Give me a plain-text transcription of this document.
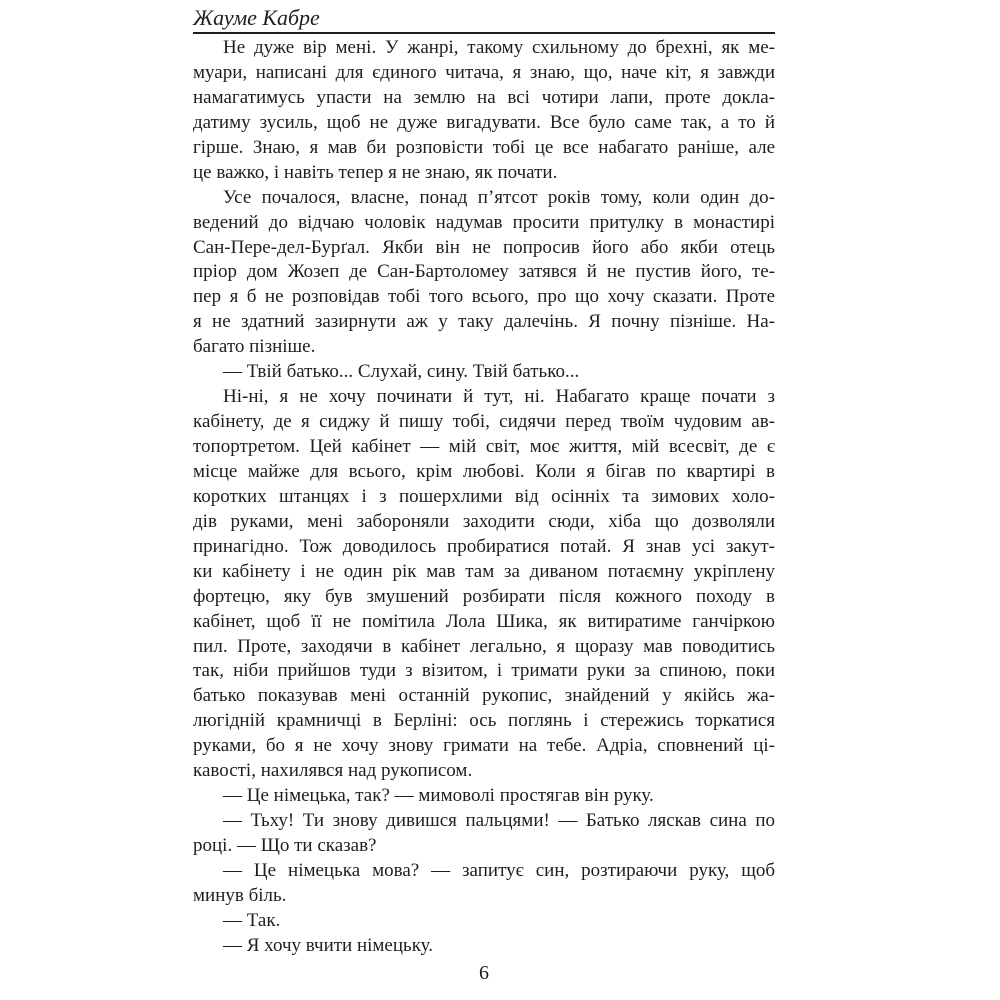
Жауме Кабре
Не дуже вір мені. У жанрі, такому схильному до брехні, як ме-
муари, написані для єдиного читача, я знаю, що, наче кіт, я завжди
намагатимусь упасти на землю на всі чотири лапи, проте докла-
датиму зусиль, щоб не дуже вигадувати. Все було саме так, а то й
гірше. Знаю, я мав би розповісти тобі це все набагато раніше, але
це важко, і навіть тепер я не знаю, як почати.
Усе почалося, власне, понад п’ятсот років тому, коли один до-
ведений до відчаю чоловік надумав просити притулку в монастирі
Сан-Пере-дел-Бурґал. Якби він не попросив його або якби отець
пріор дом Жозеп де Сан-Бартоломеу затявся й не пустив його, те-
пер я б не розповідав тобі того всього, про що хочу сказати. Проте
я не здатний зазирнути аж у таку далечінь. Я почну пізніше. На-
багато пізніше.
— Твій батько... Слухай, сину. Твій батько...
Ні-ні, я не хочу починати й тут, ні. Набагато краще почати з
кабінету, де я сиджу й пишу тобі, сидячи перед твоїм чудовим ав-
топортретом. Цей кабінет — мій світ, моє життя, мій всесвіт, де є
місце майже для всього, крім любові. Коли я бігав по квартирі в
коротких штанцях і з пошерхлими від осінніх та зимових холо-
дів руками, мені забороняли заходити сюди, хіба що дозволяли
принагідно. Тож доводилось пробиратися потай. Я знав усі закут-
ки кабінету і не один рік мав там за диваном потаємну укріплену
фортецю, яку був змушений розбирати після кожного походу в
кабінет, щоб її не помітила Лола Шика, як витиратиме ганчіркою
пил. Проте, заходячи в кабінет легально, я щоразу мав поводитись
так, ніби прийшов туди з візитом, і тримати руки за спиною, поки
батько показував мені останній рукопис, знайдений у якійсь жа-
люгідній крамничці в Берліні: ось поглянь і стережись торкатися
руками, бо я не хочу знову гримати на тебе. Адріа, сповнений ці-
кавості, нахилявся над рукописом.
— Це німецька, так? — мимоволі простягав він руку.
— Тьху! Ти знову дивишся пальцями! — Батько ляскав сина по
році. — Що ти сказав?
— Це німецька мова? — запитує син, розтираючи руку, щоб
минув біль.
— Так.
— Я хочу вчити німецьку.
6
